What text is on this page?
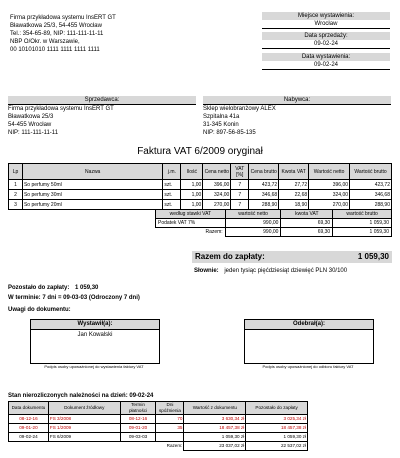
Firma przykładowa systemu InsERT GT
Bławatkowa 25/3, 54-455 Wrocław
Tel.: 354-65-89, NIP: 111-111-11-11
NBP O/Okr. w Warszawie,
00 10101010 1111 1111 1111 1111
Miejsce wystawienia:
Wrocław
Data sprzedaży:
09-02-24
Data wystawienia:
09-02-24
Sprzedawca:
Firma przykładowa systemu InsERT GT
Bławatkowa 25/3
54-455 Wrocław
NIP: 111-111-11-11
Nabywca:
Sklep wielobranżowy ALEX
Szpitalna 41a
31-345 Konin
NIP: 897-56-85-135
Faktura VAT 6/2009 oryginał
Lp	Nazwa	j.m.	Ilość	Cena netto	VAT [%]	Cena brutto	Kwota VAT	Wartość netto	Wartość brutto
1	So perfumy 50ml	szt.	1,00	396,00	7	423,72	27,72	396,00	423,72
2	So perfumy 30ml	szt.	1,00	324,00	7	346,68	22,68	324,00	346,68
3	So perfumy 20ml	szt.	1,00	270,00	7	288,90	18,90	270,00	288,90
według stawki VAT	wartość netto	kwota VAT	wartość brutto
Podatek VAT 7%	990,00	69,30	1 059,30
Razem:	990,00	69,30	1 059,30
Razem do zapłaty:	1 059,30
Słownie: jeden tysiąc pięćdziesiąt dziewięć PLN 30/100
Pozostało do zapłaty: 1 059,30
W terminie: 7 dni = 09-03-03 (Odroczony 7 dni)
Uwagi do dokumentu:
Wystawił(a):
Jan Kowalski
Podpis osoby upoważnionej do wystawienia faktury VAT
Odebrał(a):
Podpis osoby upoważnionej do odbioru faktury VAT
Stan nierozliczonych należności na dzień: 09-02-24
Data dokumentu	Dokument źródłowy	Termin płatności	Dni spóźnienia	Wartość z dokumentu	Pozostało do zapłaty
08-12-16	FS 3/2008	08-12-16	70	3 630,34 zł	3 025,34 zł
09-01-20	FS 1/2009	09-01-20	35	18 457,38 zł	18 457,38 zł
09-02-24	FS 6/2009	09-03-03		1 059,30 zł	1 059,30 zł
Razem:				23 037,02 zł	22 537,02 zł
